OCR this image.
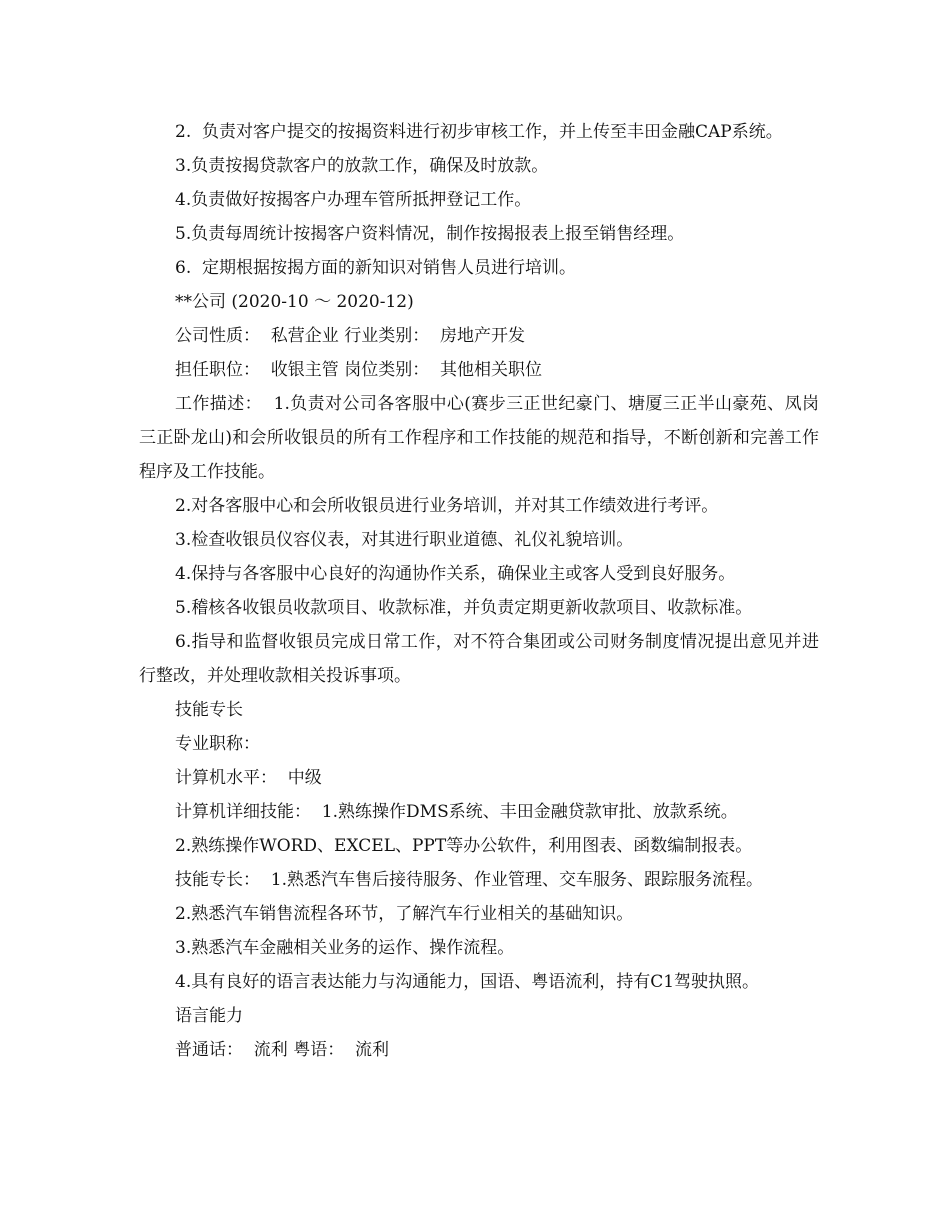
2.  负责对客户提交的按揭资料进行初步审核工作，并上传至丰田金融CAP系统。

3.负责按揭贷款客户的放款工作，确保及时放款。

4.负责做好按揭客户办理车管所抵押登记工作。

5.负责每周统计按揭客户资料情况，制作按揭报表上报至销售经理。

6.  定期根据按揭方面的新知识对销售人员进行培训。

**公司 (2020-10 ～ 2020-12)

公司性质：  私营企业 行业类别：  房地产开发

担任职位：  收银主管 岗位类别：  其他相关职位

工作描述：  1.负责对公司各客服中心(赛步三正世纪豪门、塘厦三正半山豪苑、凤岗三正卧龙山)和会所收银员的所有工作程序和工作技能的规范和指导，不断创新和完善工作程序及工作技能。

2.对各客服中心和会所收银员进行业务培训，并对其工作绩效进行考评。

3.检查收银员仪容仪表，对其进行职业道德、礼仪礼貌培训。

4.保持与各客服中心良好的沟通协作关系，确保业主或客人受到良好服务。

5.稽核各收银员收款项目、收款标准，并负责定期更新收款项目、收款标准。

6.指导和监督收银员完成日常工作，对不符合集团或公司财务制度情况提出意见并进行整改，并处理收款相关投诉事项。

技能专长

专业职称：

计算机水平：  中级

计算机详细技能：  1.熟练操作DMS系统、丰田金融贷款审批、放款系统。

2.熟练操作WORD、EXCEL、PPT等办公软件，利用图表、函数编制报表。

技能专长：  1.熟悉汽车售后接待服务、作业管理、交车服务、跟踪服务流程。

2.熟悉汽车销售流程各环节，了解汽车行业相关的基础知识。

3.熟悉汽车金融相关业务的运作、操作流程。

4.具有良好的语言表达能力与沟通能力，国语、粤语流利，持有C1驾驶执照。

语言能力

普通话：  流利 粤语：  流利
